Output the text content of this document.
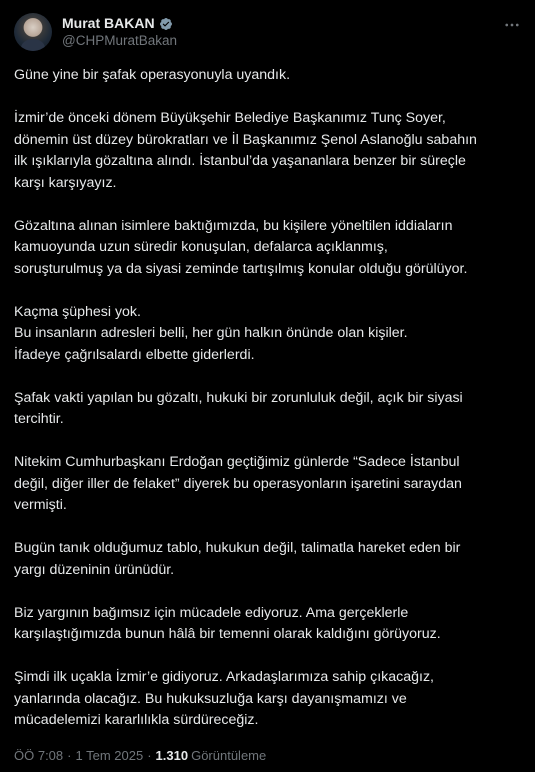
Murat BAKAN
@CHPMuratBakan

Güne yine bir şafak operasyonuyla uyandık.

İzmir’de önceki dönem Büyükşehir Belediye Başkanımız Tunç Soyer,
dönemin üst düzey bürokratları ve İl Başkanımız Şenol Aslanoğlu sabahın
ilk ışıklarıyla gözaltına alındı. İstanbul’da yaşananlara benzer bir süreçle
karşı karşıyayız.

Gözaltına alınan isimlere baktığımızda, bu kişilere yöneltilen iddiaların
kamuoyunda uzun süredir konuşulan, defalarca açıklanmış,
soruşturulmuş ya da siyasi zeminde tartışılmış konular olduğu görülüyor.

Kaçma şüphesi yok.
Bu insanların adresleri belli, her gün halkın önünde olan kişiler.
İfadeye çağrılsalardı elbette giderlerdi.

Şafak vakti yapılan bu gözaltı, hukuki bir zorunluluk değil, açık bir siyasi
tercihtir.

Nitekim Cumhurbaşkanı Erdoğan geçtiğimiz günlerde “Sadece İstanbul
değil, diğer iller de felaket” diyerek bu operasyonların işaretini saraydan
vermişti.

Bugün tanık olduğumuz tablo, hukukun değil, talimatla hareket eden bir
yargı düzeninin ürünüdür.

Biz yargının bağımsız için mücadele ediyoruz. Ama gerçeklerle
karşılaştığımızda bunun hâlâ bir temenni olarak kaldığını görüyoruz.

Şimdi ilk uçakla İzmir’e gidiyoruz. Arkadaşlarımıza sahip çıkacağız,
yanlarında olacağız. Bu hukuksuzluğa karşı dayanışmamızı ve
mücadelemizi kararlılıkla sürdüreceğiz.

ÖÖ 7:08 · 1 Tem 2025 · 1.310 Görüntüleme
